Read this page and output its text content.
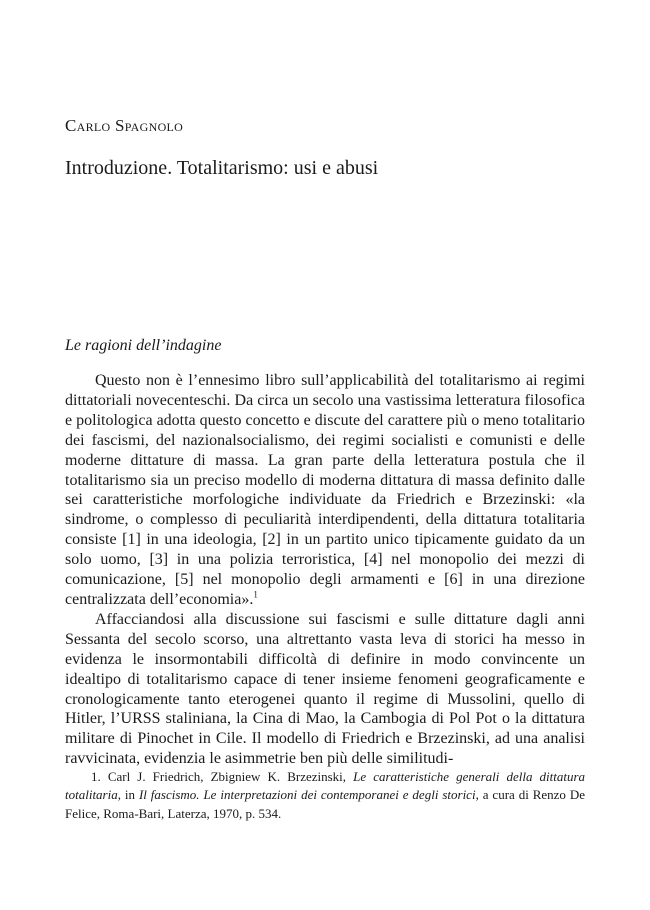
Carlo Spagnolo
Introduzione. Totalitarismo: usi e abusi
Le ragioni dell’indagine

Questo non è l’ennesimo libro sull’applicabilità del totalitarismo ai regimi dittatoriali novecenteschi. Da circa un secolo una vastissima letteratura filosofica e politologica adotta questo concetto e discute del carattere più o meno totalitario dei fascismi, del nazionalsocialismo, dei regimi socialisti e comunisti e delle moderne dittature di massa. La gran parte della letteratura postula che il totalitarismo sia un preciso modello di moderna dittatura di massa definito dalle sei caratteristiche morfologiche individuate da Friedrich e Brzezinski: «la sindrome, o complesso di peculiarità interdipendenti, della dittatura totalitaria consiste [1] in una ideologia, [2] in un partito unico tipicamente guidato da un solo uomo, [3] in una polizia terroristica, [4] nel monopolio dei mezzi di comunicazione, [5] nel monopolio degli armamenti e [6] in una direzione centralizzata dell’economia».$^1$

Affacciandosi alla discussione sui fascismi e sulle dittature dagli anni Sessanta del secolo scorso, una altrettanto vasta leva di storici ha messo in evidenza le insormontabili difficoltà di definire in modo convincente un idealtipo di totalitarismo capace di tener insieme fenomeni geograficamente e cronologicamente tanto eterogenei quanto il regime di Mussolini, quello di Hitler, l’URSS staliniana, la Cina di Mao, la Cambogia di Pol Pot o la dittatura militare di Pinochet in Cile. Il modello di Friedrich e Brzezinski, ad una analisi ravvicinata, evidenzia le asimmetrie ben più delle similitudi-

1. Carl J. Friedrich, Zbigniew K. Brzezinski, Le caratteristiche generali della dittatura totalitaria, in Il fascismo. Le interpretazioni dei contemporanei e degli storici, a cura di Renzo De Felice, Roma-Bari, Laterza, 1970, p. 534.
